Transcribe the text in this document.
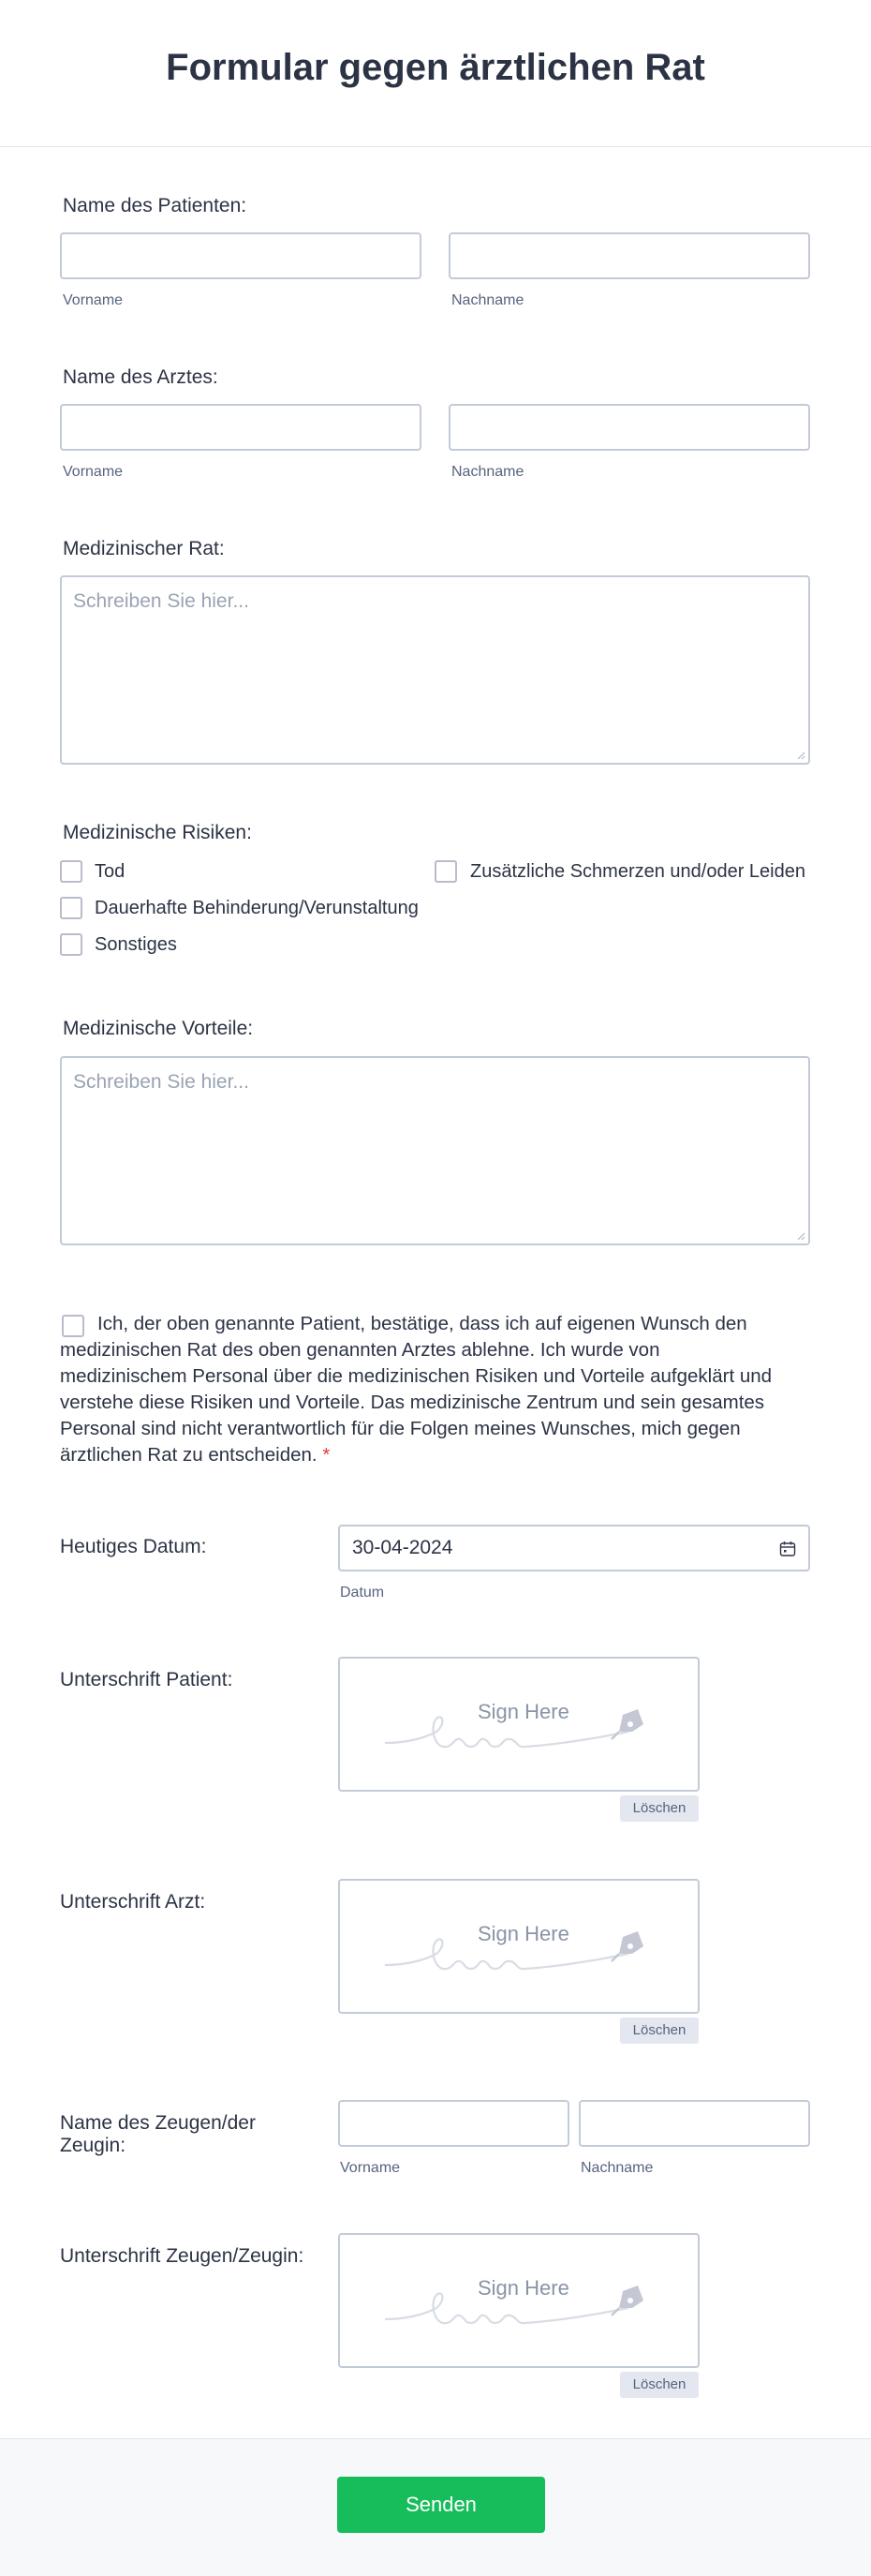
Formular gegen ärztlichen Rat
Name des Patienten:
Vorname	Nachname
Name des Arztes:
Vorname	Nachname
Medizinischer Rat:
Schreiben Sie hier...
Medizinische Risiken:
Tod	Zusätzliche Schmerzen und/oder Leiden
Dauerhafte Behinderung/Verunstaltung
Sonstiges
Medizinische Vorteile:
Schreiben Sie hier...
Ich, der oben genannte Patient, bestätige, dass ich auf eigenen Wunsch den medizinischen Rat des oben genannten Arztes ablehne. Ich wurde von medizinischem Personal über die medizinischen Risiken und Vorteile aufgeklärt und verstehe diese Risiken und Vorteile. Das medizinische Zentrum und sein gesamtes Personal sind nicht verantwortlich für die Folgen meines Wunsches, mich gegen ärztlichen Rat zu entscheiden. *
Heutiges Datum:	30-04-2024
Datum
Unterschrift Patient:
Sign Here
Löschen
Unterschrift Arzt:
Sign Here
Löschen
Name des Zeugen/der Zeugin:
Vorname	Nachname
Unterschrift Zeugen/Zeugin:
Sign Here
Löschen
Senden
